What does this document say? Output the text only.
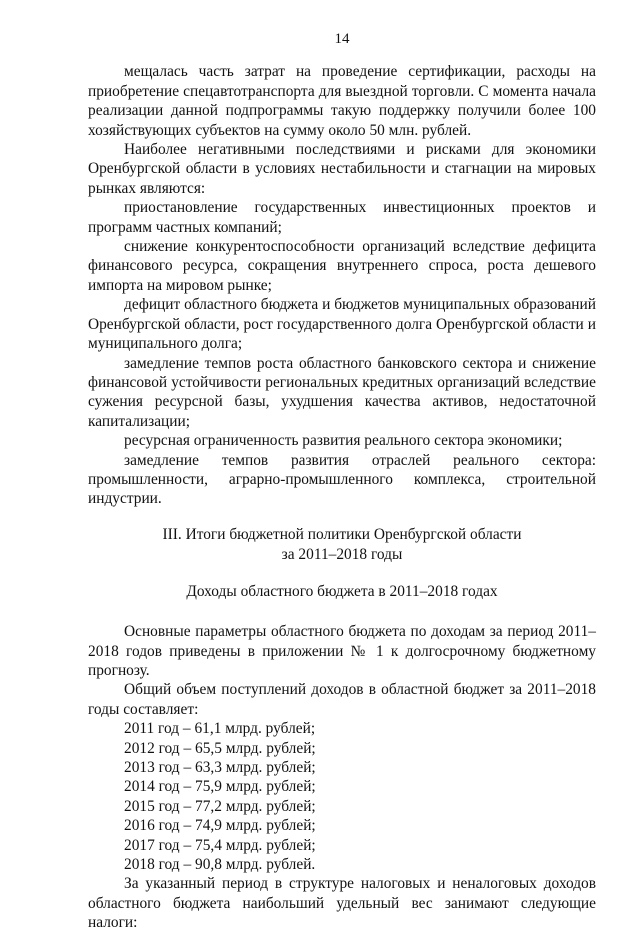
14

мещалась часть затрат на проведение сертификации, расходы на приобретение спецавтотранспорта для выездной торговли. С момента начала реализации данной подпрограммы такую поддержку получили более 100 хозяйствующих субъектов на сумму около 50 млн. рублей.

Наиболее негативными последствиями и рисками для экономики Оренбургской области в условиях нестабильности и стагнации на мировых рынках являются:

приостановление государственных инвестиционных проектов и программ частных компаний;

снижение конкурентоспособности организаций вследствие дефицита финансового ресурса, сокращения внутреннего спроса, роста дешевого импорта на мировом рынке;

дефицит областного бюджета и бюджетов муниципальных образований Оренбургской области, рост государственного долга Оренбургской области и муниципального долга;

замедление темпов роста областного банковского сектора и снижение финансовой устойчивости региональных кредитных организаций вследствие сужения ресурсной базы, ухудшения качества активов, недостаточной капитализации;

ресурсная ограниченность развития реального сектора экономики;

замедление темпов развития отраслей реального сектора: промышленности, аграрно-промышленного комплекса, строительной индустрии.

III. Итоги бюджетной политики Оренбургской области
за 2011–2018 годы
Доходы областного бюджета в 2011–2018 годах

Основные параметры областного бюджета по доходам за период 2011–2018 годов приведены в приложении № 1 к долгосрочному бюджетному прогнозу.

Общий объем поступлений доходов в областной бюджет за 2011–2018 годы составляет:

2011 год – 61,1 млрд. рублей;
2012 год – 65,5 млрд. рублей;
2013 год – 63,3 млрд. рублей;
2014 год – 75,9 млрд. рублей;
2015 год – 77,2 млрд. рублей;
2016 год – 74,9 млрд. рублей;
2017 год – 75,4 млрд. рублей;
2018 год – 90,8 млрд. рублей.

За указанный период в структуре налоговых и неналоговых доходов областного бюджета наибольший удельный вес занимают следующие налоги:
